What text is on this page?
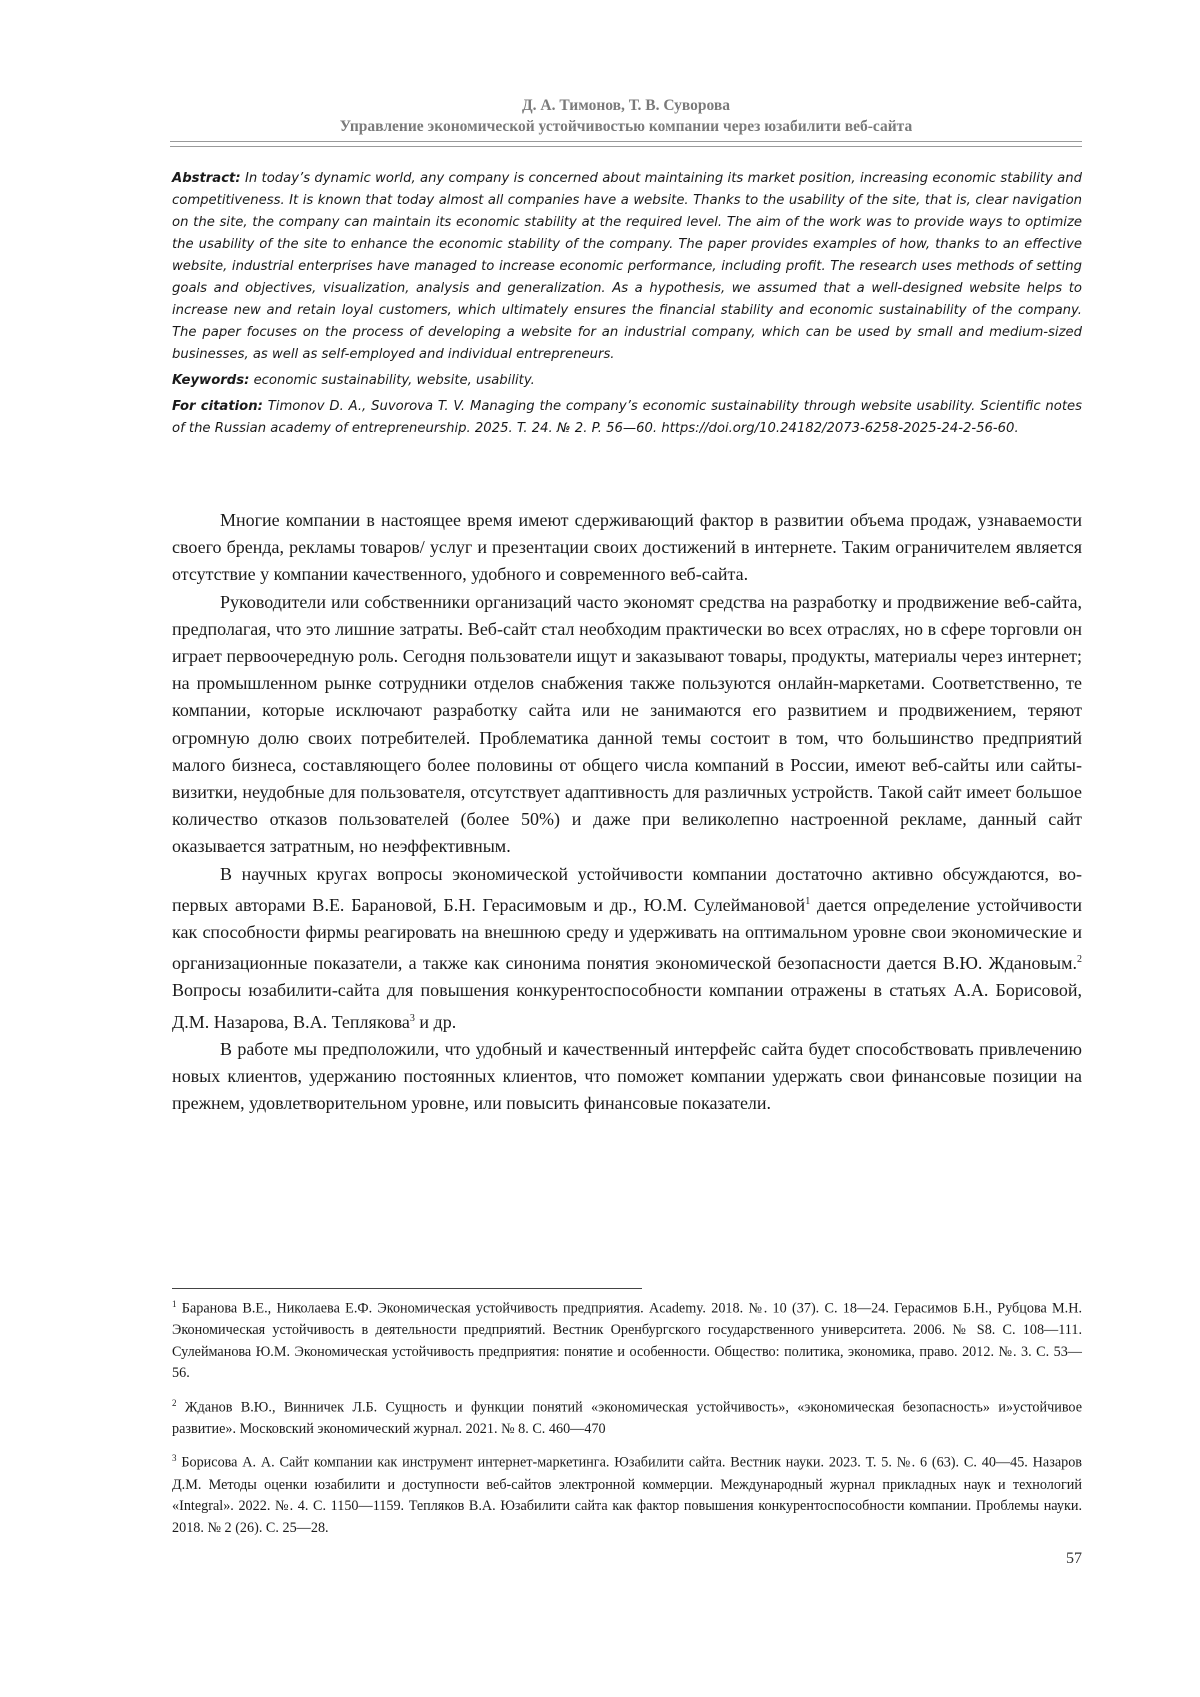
Д. А. Тимонов, Т. В. Суворова
Управление экономической устойчивостью компании через юзабилити веб-сайта

Abstract: In today’s dynamic world, any company is concerned about maintaining its market position, increasing economic stability and competitiveness. It is known that today almost all companies have a website. Thanks to the usability of the site, that is, clear navigation on the site, the company can maintain its economic stability at the required level. The aim of the work was to provide ways to optimize the usability of the site to enhance the economic stability of the company. The paper provides examples of how, thanks to an effective website, industrial enterprises have managed to increase economic performance, including profit. The research uses methods of setting goals and objectives, visualization, analysis and generalization. As a hypothesis, we assumed that a well-designed website helps to increase new and retain loyal customers, which ultimately ensures the financial stability and economic sustainability of the company. The paper focuses on the process of developing a website for an industrial company, which can be used by small and medium-sized businesses, as well as self-employed and individual entrepreneurs.

Keywords: economic sustainability, website, usability.

For citation: Timonov D. A., Suvorova T. V. Managing the company’s economic sustainability through website usability. Scientific notes of the Russian academy of entrepreneurship. 2025. T. 24. № 2. P. 56—60. https://doi.org/10.24182/2073-6258-2025-24-2-56-60.

Многие компании в настоящее время имеют сдерживающий фактор в развитии объема продаж, узнаваемости своего бренда, рекламы товаров/ услуг и презентации своих достижений в интернете. Таким ограничителем является отсутствие у компании качественного, удобного и современного веб-сайта.

Руководители или собственники организаций часто экономят средства на разработку и продвижение веб-сайта, предполагая, что это лишние затраты. Веб-сайт стал необходим практически во всех отраслях, но в сфере торговли он играет первоочередную роль. Сегодня пользователи ищут и заказывают товары, продукты, материалы через интернет; на промышленном рынке сотрудники отделов снабжения также пользуются онлайн-маркетами. Соответственно, те компании, которые исключают разработку сайта или не занимаются его развитием и продвижением, теряют огромную долю своих потребителей. Проблематика данной темы состоит в том, что большинство предприятий малого бизнеса, составляющего более половины от общего числа компаний в России, имеют веб-сайты или сайты-визитки, неудобные для пользователя, отсутствует адаптивность для различных устройств. Такой сайт имеет большое количество отказов пользователей (более 50%) и даже при великолепно настроенной рекламе, данный сайт оказывается затратным, но неэффективным.

В научных кругах вопросы экономической устойчивости компании достаточно активно обсуждаются, во-первых авторами В.Е. Барановой, Б.Н. Герасимовым и др., Ю.М. Сулеймановой$^1$ дается определение устойчивости как способности фирмы реагировать на внешнюю среду и удерживать на оптимальном уровне свои экономические и организационные показатели, а также как синонима понятия экономической безопасности дается В.Ю. Ждановым.$^2$ Вопросы юзабилити-сайта для повышения конкурентоспособности компании отражены в статьях А.А. Борисовой, Д.М. Назарова, В.А. Теплякова$^3$ и др.

В работе мы предположили, что удобный и качественный интерфейс сайта будет способствовать привлечению новых клиентов, удержанию постоянных клиентов, что поможет компании удержать свои финансовые позиции на прежнем, удовлетворительном уровне, или повысить финансовые показатели.

$^1$ Баранова В.Е., Николаева Е.Ф. Экономическая устойчивость предприятия. Academy. 2018. №. 10 (37). С. 18—24. Герасимов Б.Н., Рубцова М.Н. Экономическая устойчивость в деятельности предприятий. Вестник Оренбургского государственного университета. 2006. № S8. С. 108—111. Сулейманова Ю.М. Экономическая устойчивость предприятия: понятие и особенности. Общество: политика, экономика, право. 2012. №. 3. С. 53—56.

$^2$ Жданов В.Ю., Винничек Л.Б. Сущность и функции понятий «экономическая устойчивость», «экономическая безопасность» и»устойчивое развитие». Московский экономический журнал. 2021. № 8. С. 460—470

$^3$ Борисова А. А. Сайт компании как инструмент интернет-маркетинга. Юзабилити сайта. Вестник науки. 2023. Т. 5. №. 6 (63). С. 40—45. Назаров Д.М. Методы оценки юзабилити и доступности веб-сайтов электронной коммерции. Международный журнал прикладных наук и технологий «Integral». 2022. №. 4. С. 1150—1159. Тепляков В.А. Юзабилити сайта как фактор повышения конкурентоспособности компании. Проблемы науки. 2018. № 2 (26). С. 25—28.

57
